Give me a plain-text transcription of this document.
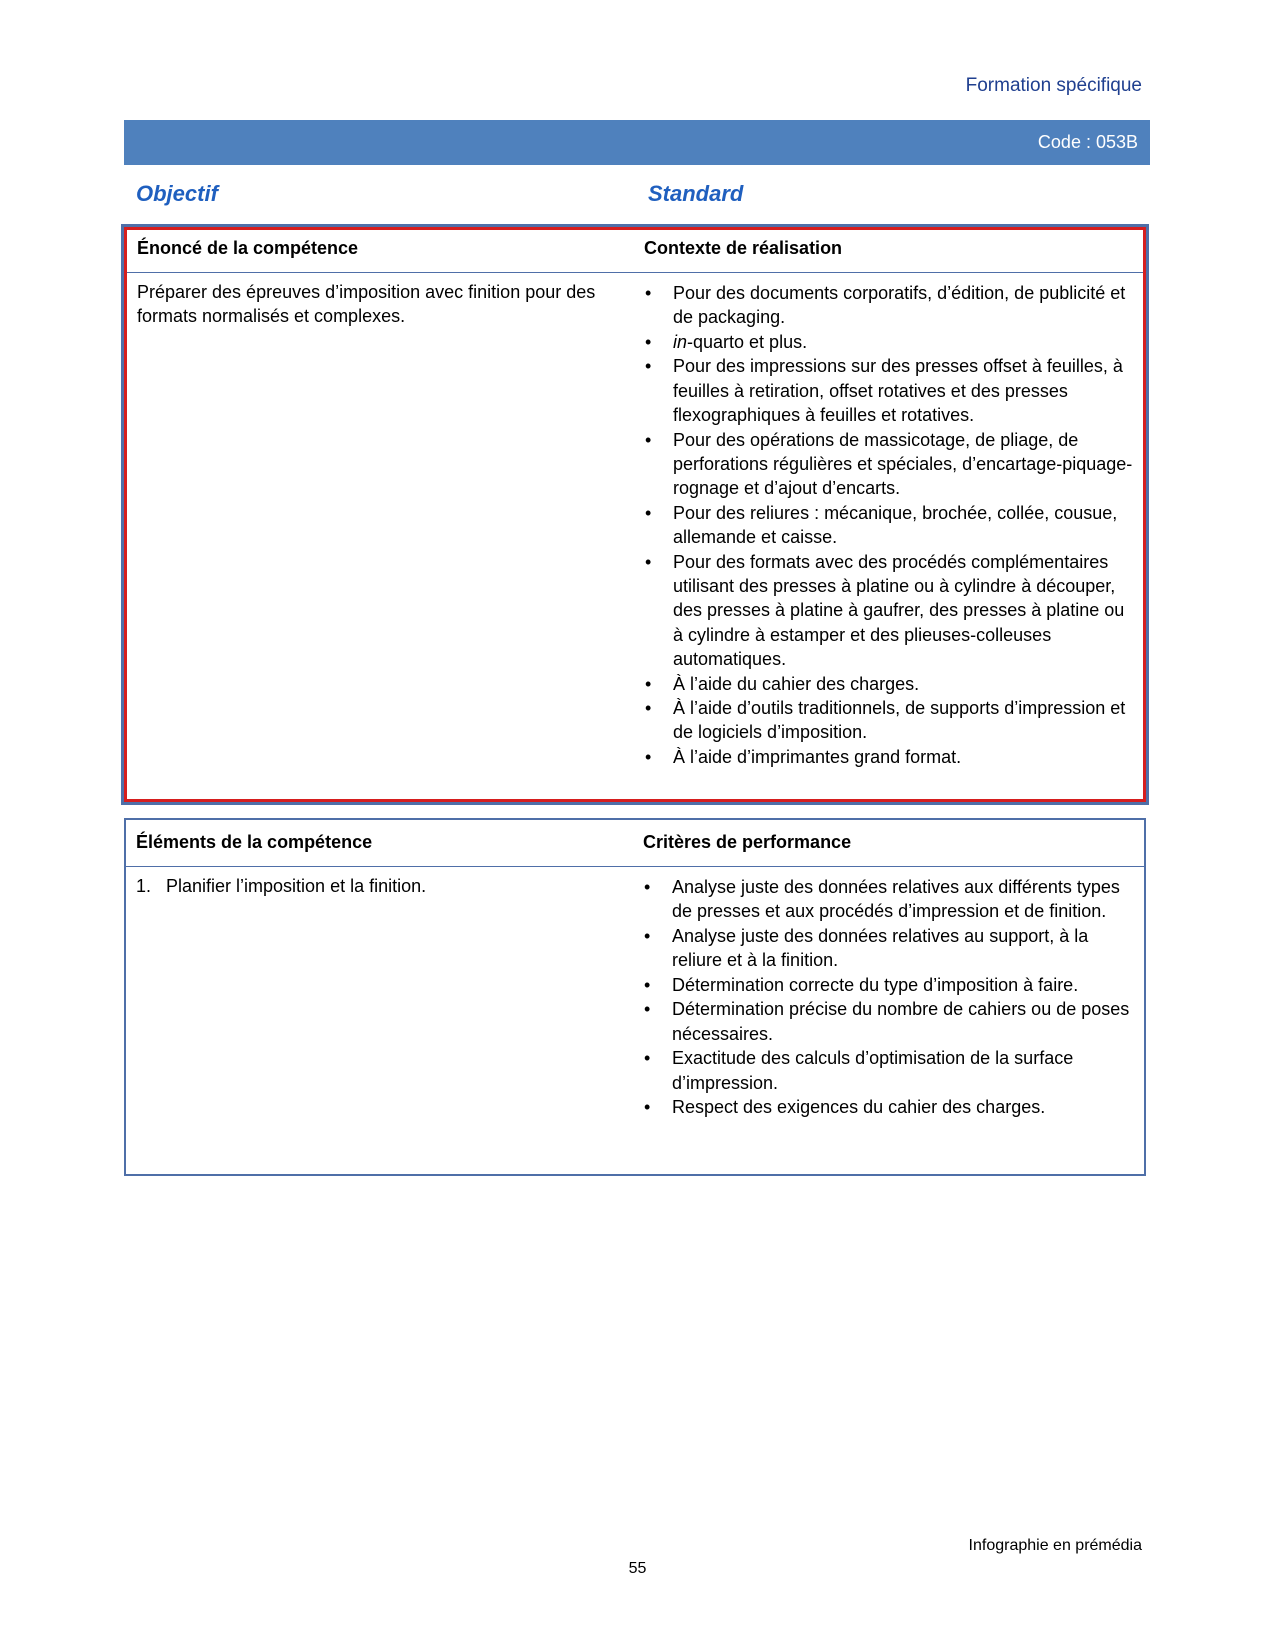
Formation spécifique
Code : 053B
Objectif	Standard
Énoncé de la compétence	Contexte de réalisation
Préparer des épreuves d’imposition avec finition pour des formats normalisés et complexes.
• Pour des documents corporatifs, d’édition, de publicité et de packaging.
• in-quarto et plus.
• Pour des impressions sur des presses offset à feuilles, à feuilles à retiration, offset rotatives et des presses flexographiques à feuilles et rotatives.
• Pour des opérations de massicotage, de pliage, de perforations régulières et spéciales, d’encartage-piquage-rognage et d’ajout d’encarts.
• Pour des reliures : mécanique, brochée, collée, cousue, allemande et caisse.
• Pour des formats avec des procédés complémentaires utilisant des presses à platine ou à cylindre à découper, des presses à platine à gaufrer, des presses à platine ou à cylindre à estamper et des plieuses-colleuses automatiques.
• À l’aide du cahier des charges.
• À l’aide d’outils traditionnels, de supports d’impression et de logiciels d’imposition.
• À l’aide d’imprimantes grand format.
Éléments de la compétence	Critères de performance
1. Planifier l’imposition et la finition.
•	Analyse juste des données relatives aux différents types de presses et aux procédés d’impression et de finition.
• Analyse juste des données relatives au support, à la reliure et à la finition.
• Détermination correcte du type d’imposition à faire.
• Détermination précise du nombre de cahiers ou de poses nécessaires.
• Exactitude des calculs d’optimisation de la surface d’impression.
• Respect des exigences du cahier des charges.
Infographie en prémédia
55
